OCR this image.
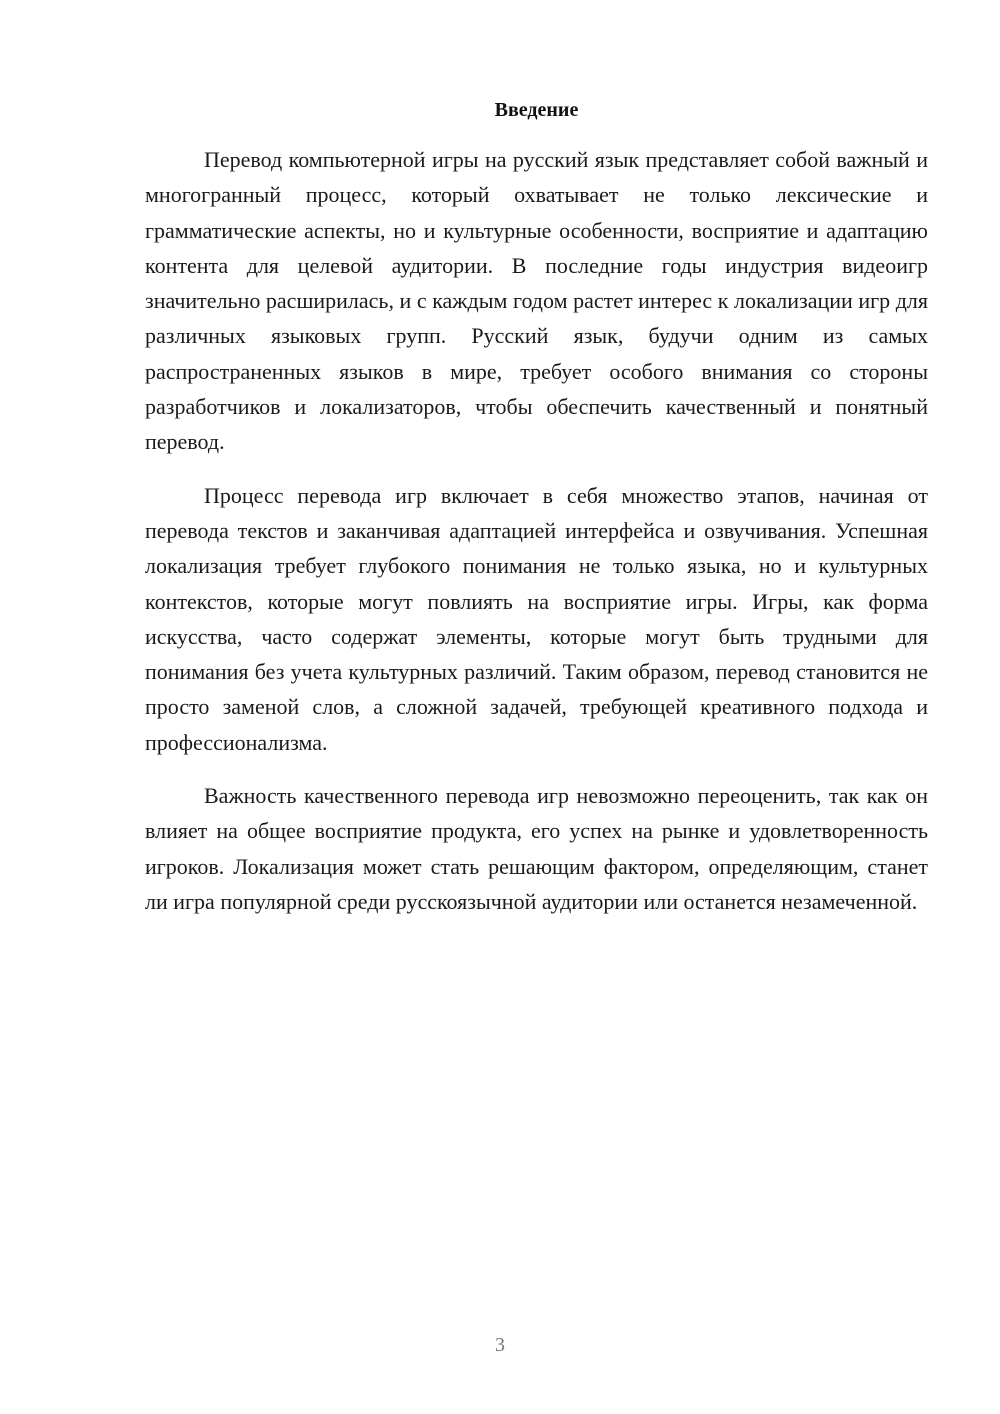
Введение

Перевод компьютерной игры на русский язык представляет собой важный и многогранный процесс, который охватывает не только лексические и грамматические аспекты, но и культурные особенности, восприятие и адаптацию контента для целевой аудитории. В последние годы индустрия видеоигр значительно расширилась, и с каждым годом растет интерес к локализации игр для различных языковых групп. Русский язык, будучи одним из самых распространенных языков в мире, требует особого внимания со стороны разработчиков и локализаторов, чтобы обеспечить качественный и понятный перевод.

Процесс перевода игр включает в себя множество этапов, начиная от перевода текстов и заканчивая адаптацией интерфейса и озвучивания. Успешная локализация требует глубокого понимания не только языка, но и культурных контекстов, которые могут повлиять на восприятие игры. Игры, как форма искусства, часто содержат элементы, которые могут быть трудными для понимания без учета культурных различий. Таким образом, перевод становится не просто заменой слов, а сложной задачей, требующей креативного подхода и профессионализма.

Важность качественного перевода игр невозможно переоценить, так как он влияет на общее восприятие продукта, его успех на рынке и удовлетворенность игроков. Локализация может стать решающим фактором, определяющим, станет ли игра популярной среди русскоязычной аудитории или останется незамеченной.

3
